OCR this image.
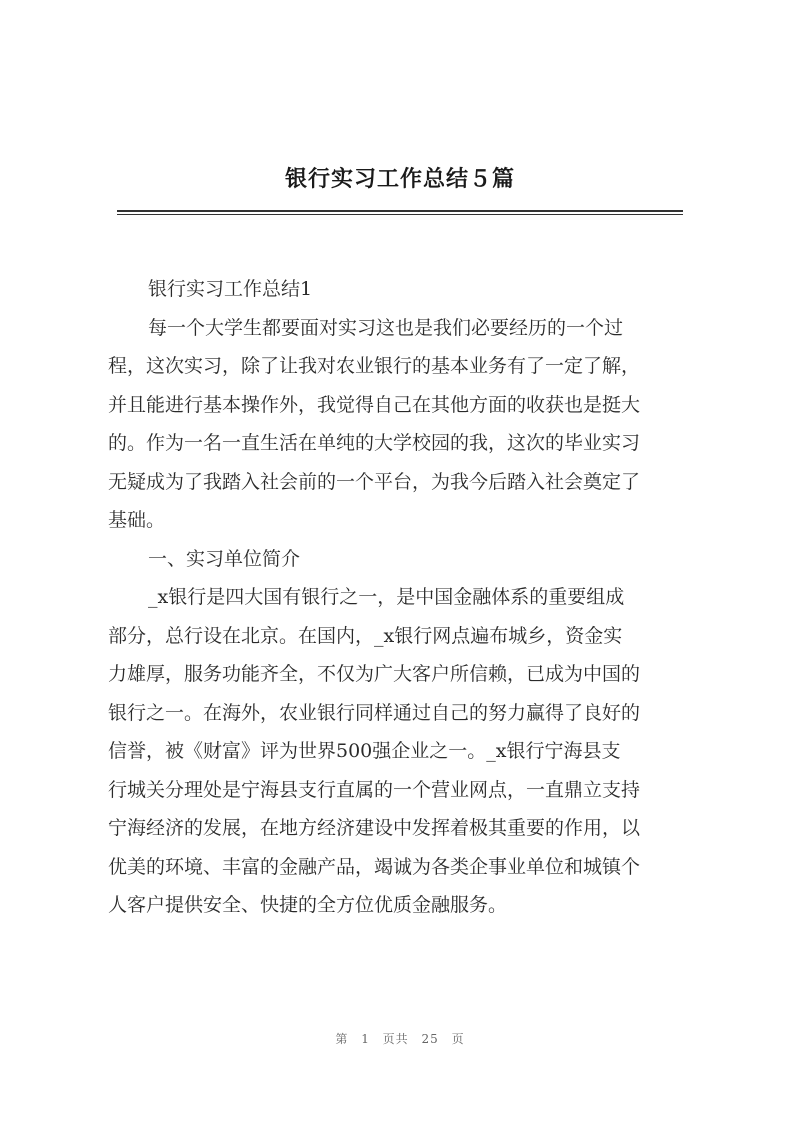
银行实习工作总结５篇
银行实习工作总结1
每一个大学生都要面对实习这也是我们必要经历的一个过
程，这次实习，除了让我对农业银行的基本业务有了一定了解，
并且能进行基本操作外，我觉得自己在其他方面的收获也是挺大
的。作为一名一直生活在单纯的大学校园的我，这次的毕业实习
无疑成为了我踏入社会前的一个平台，为我今后踏入社会奠定了
基础。
一、实习单位简介
_x银行是四大国有银行之一，是中国金融体系的重要组成
部分，总行设在北京。在国内，_x银行网点遍布城乡，资金实
力雄厚，服务功能齐全，不仅为广大客户所信赖，已成为中国的
银行之一。在海外，农业银行同样通过自己的努力赢得了良好的
信誉，被《财富》评为世界500强企业之一。_x银行宁海县支
行城关分理处是宁海县支行直属的一个营业网点，一直鼎立支持
宁海经济的发展，在地方经济建设中发挥着极其重要的作用，以
优美的环境、丰富的金融产品，竭诚为各类企事业单位和城镇个
人客户提供安全、快捷的全方位优质金融服务。
第 1 页共 25 页
